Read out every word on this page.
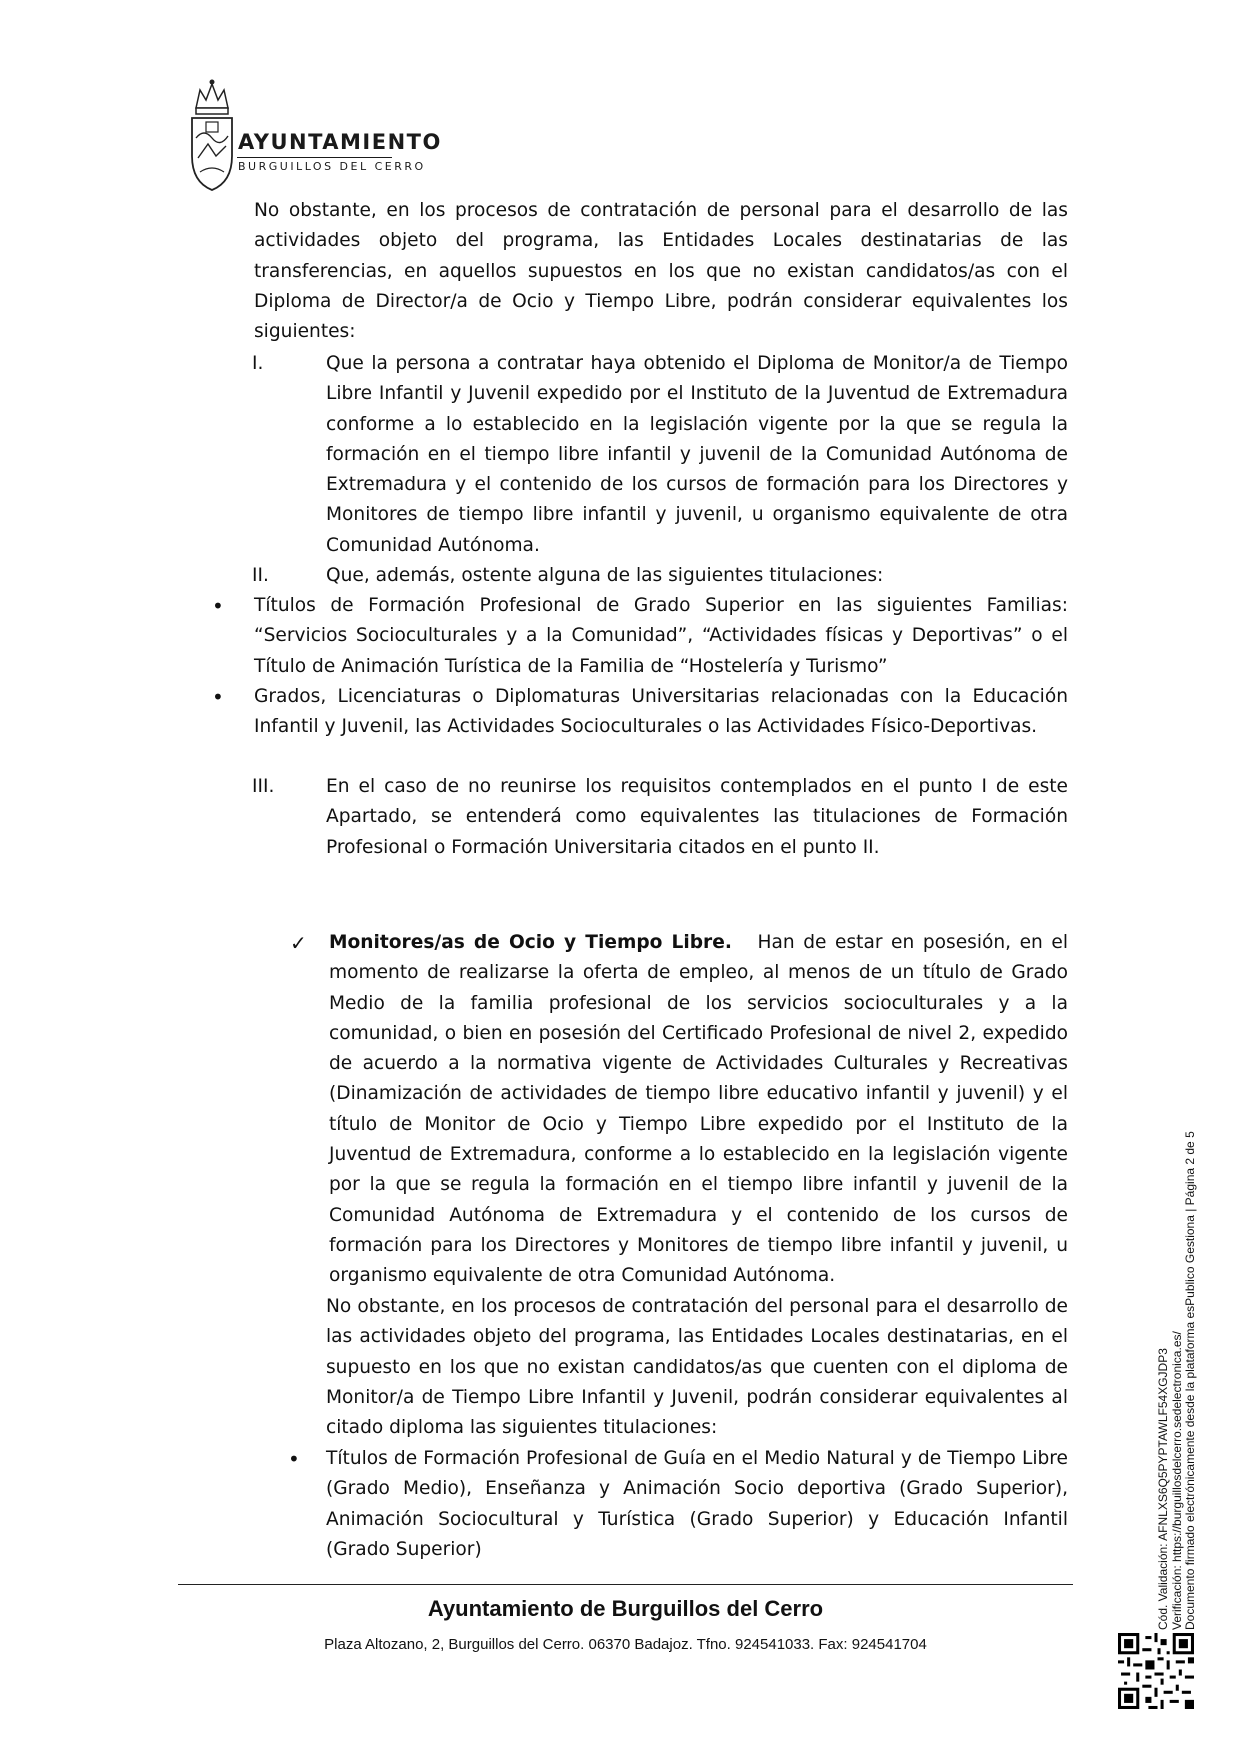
AYUNTAMIENTO
BURGUILLOS DEL CERRO
No obstante, en los procesos de contratación de personal para el desarrollo de las actividades objeto del programa, las Entidades Locales destinatarias de las transferencias, en aquellos supuestos en los que no existan candidatos/as con el Diploma de Director/a de Ocio y Tiempo Libre, podrán considerar equivalentes los siguientes:
I.	Que la persona a contratar haya obtenido el Diploma de Monitor/a de Tiempo Libre Infantil y Juvenil expedido por el Instituto de la Juventud de Extremadura conforme a lo establecido en la legislación vigente por la que se regula la formación en el tiempo libre infantil y juvenil de la Comunidad Autónoma de Extremadura y el contenido de los cursos de formación para los Directores y Monitores de tiempo libre infantil y juvenil, u organismo equivalente de otra Comunidad Autónoma.
II.	Que, además, ostente alguna de las siguientes titulaciones:
• Títulos de Formación Profesional de Grado Superior en las siguientes Familias: “Servicios Socioculturales y a la Comunidad”, “Actividades físicas y Deportivas” o el Título de Animación Turística de la Familia de “Hostelería y Turismo”
• Grados, Licenciaturas o Diplomaturas Universitarias relacionadas con la Educación Infantil y Juvenil, las Actividades Socioculturales o las Actividades Físico-Deportivas.
III.	En el caso de no reunirse los requisitos contemplados en el punto I de este Apartado, se entenderá como equivalentes las titulaciones de Formación Profesional o Formación Universitaria citados en el punto II.
✓ Monitores/as de Ocio y Tiempo Libre. Han de estar en posesión, en el momento de realizarse la oferta de empleo, al menos de un título de Grado Medio de la familia profesional de los servicios socioculturales y a la comunidad, o bien en posesión del Certificado Profesional de nivel 2, expedido de acuerdo a la normativa vigente de Actividades Culturales y Recreativas (Dinamización de actividades de tiempo libre educativo infantil y juvenil) y el título de Monitor de Ocio y Tiempo Libre expedido por el Instituto de la Juventud de Extremadura, conforme a lo establecido en la legislación vigente por la que se regula la formación en el tiempo libre infantil y juvenil de la Comunidad Autónoma de Extremadura y el contenido de los cursos de formación para los Directores y Monitores de tiempo libre infantil y juvenil, u organismo equivalente de otra Comunidad Autónoma.
No obstante, en los procesos de contratación del personal para el desarrollo de las actividades objeto del programa, las Entidades Locales destinatarias, en el supuesto en los que no existan candidatos/as que cuenten con el diploma de Monitor/a de Tiempo Libre Infantil y Juvenil, podrán considerar equivalentes al citado diploma las siguientes titulaciones:
• Títulos de Formación Profesional de Guía en el Medio Natural y de Tiempo Libre (Grado Medio), Enseñanza y Animación Socio deportiva (Grado Superior), Animación Sociocultural y Turística (Grado Superior) y Educación Infantil (Grado Superior)
Ayuntamiento de Burguillos del Cerro
Plaza Altozano, 2, Burguillos del Cerro. 06370 Badajoz. Tfno. 924541033. Fax: 924541704
Cód. Validación: AFNLXS6Q5PYPTAWLF54XGJDP3 Verificación: https://burguillosdelcerro.sedelectronica.es/ Documento firmado electrónicamente desde la plataforma esPublico Gestiona | Página 2 de 5
